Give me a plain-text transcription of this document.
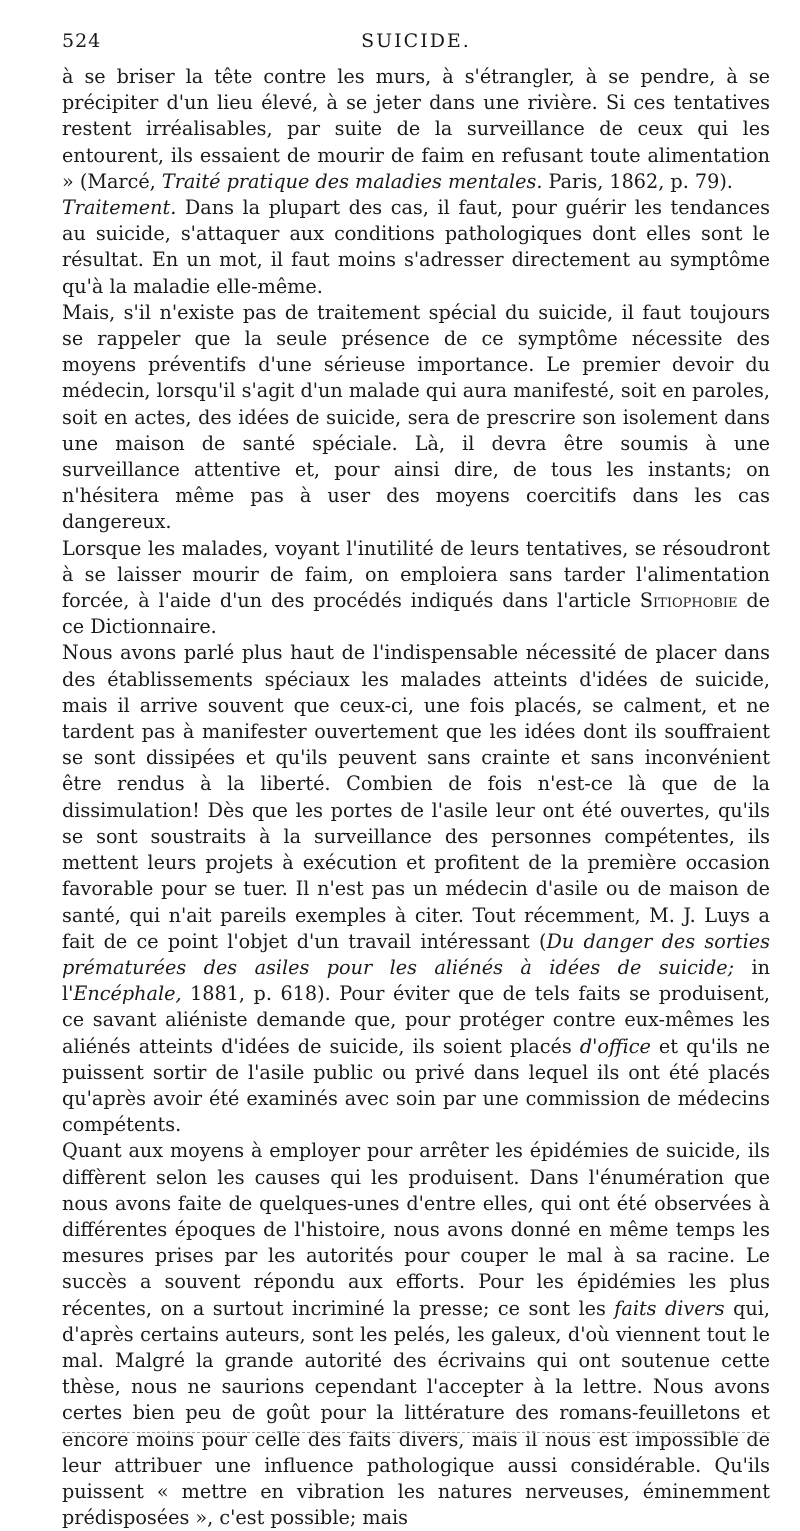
524	SUICIDE.

à se briser la tête contre les murs, à s'étrangler, à se pendre, à se précipiter d'un lieu élevé, à se jeter dans une rivière. Si ces tentatives restent irréalisables, par suite de la surveillance de ceux qui les entourent, ils essaient de mourir de faim en refusant toute alimentation » (Marcé, Traité pratique des maladies mentales. Paris, 1862, p. 79).

Traitement. Dans la plupart des cas, il faut, pour guérir les tendances au suicide, s'attaquer aux conditions pathologiques dont elles sont le résultat. En un mot, il faut moins s'adresser directement au symptôme qu'à la maladie elle-même.

Mais, s'il n'existe pas de traitement spécial du suicide, il faut toujours se rappeler que la seule présence de ce symptôme nécessite des moyens préventifs d'une sérieuse importance. Le premier devoir du médecin, lorsqu'il s'agit d'un malade qui aura manifesté, soit en paroles, soit en actes, des idées de suicide, sera de prescrire son isolement dans une maison de santé spéciale. Là, il devra être soumis à une surveillance attentive et, pour ainsi dire, de tous les instants; on n'hésitera même pas à user des moyens coercitifs dans les cas dangereux.

Lorsque les malades, voyant l'inutilité de leurs tentatives, se résoudront à se laisser mourir de faim, on emploiera sans tarder l'alimentation forcée, à l'aide d'un des procédés indiqués dans l'article Sitiophobie de ce Dictionnaire.

Nous avons parlé plus haut de l'indispensable nécessité de placer dans des établissements spéciaux les malades atteints d'idées de suicide, mais il arrive souvent que ceux-ci, une fois placés, se calment, et ne tardent pas à manifester ouvertement que les idées dont ils souffraient se sont dissipées et qu'ils peuvent sans crainte et sans inconvénient être rendus à la liberté. Combien de fois n'est-ce là que de la dissimulation! Dès que les portes de l'asile leur ont été ouvertes, qu'ils se sont soustraits à la surveillance des personnes compétentes, ils mettent leurs projets à exécution et profitent de la première occasion favorable pour se tuer. Il n'est pas un médecin d'asile ou de maison de santé, qui n'ait pareils exemples à citer. Tout récemment, M. J. Luys a fait de ce point l'objet d'un travail intéressant (Du danger des sorties prématurées des asiles pour les aliénés à idées de suicide; in l'Encéphale, 1881, p. 618). Pour éviter que de tels faits se produisent, ce savant aliéniste demande que, pour protéger contre eux-mêmes les aliénés atteints d'idées de suicide, ils soient placés d'office et qu'ils ne puissent sortir de l'asile public ou privé dans lequel ils ont été placés qu'après avoir été examinés avec soin par une commission de médecins compétents.

Quant aux moyens à employer pour arrêter les épidémies de suicide, ils diffèrent selon les causes qui les produisent. Dans l'énumération que nous avons faite de quelques-unes d'entre elles, qui ont été observées à différentes époques de l'histoire, nous avons donné en même temps les mesures prises par les autorités pour couper le mal à sa racine. Le succès a souvent répondu aux efforts. Pour les épidémies les plus récentes, on a surtout incriminé la presse; ce sont les faits divers qui, d'après certains auteurs, sont les pelés, les galeux, d'où viennent tout le mal. Malgré la grande autorité des écrivains qui ont soutenue cette thèse, nous ne saurions cependant l'accepter à la lettre. Nous avons certes bien peu de goût pour la littérature des romans-feuilletons et encore moins pour celle des faits divers, mais il nous est impossible de leur attribuer une influence pathologique aussi considérable. Qu'ils puissent « mettre en vibration les natures nerveuses, éminemment prédisposées », c'est possible; mais
